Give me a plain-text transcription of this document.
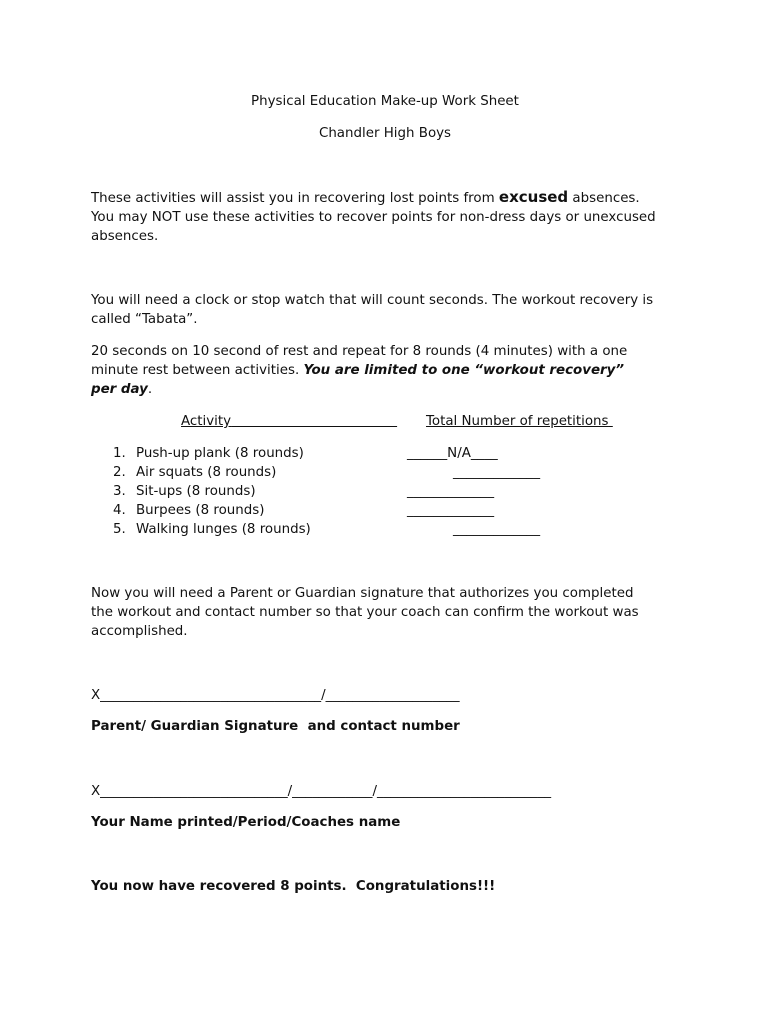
Physical Education Make-up Work Sheet
Chandler High Boys
These activities will assist you in recovering lost points from excused absences.
You may NOT use these activities to recover points for non-dress days or unexcused
absences.
You will need a clock or stop watch that will count seconds. The workout recovery is
called “Tabata”.
20 seconds on 10 second of rest and repeat for 8 rounds (4 minutes) with a one
minute rest between activities. You are limited to one “workout recovery”
per day.
Activity	Total Number of repetitions
1. Push-up plank (8 rounds)	______N/A____
2. Air squats (8 rounds)	_____________
3. Sit-ups (8 rounds)	_____________
4. Burpees (8 rounds)	_____________
5. Walking lunges (8 rounds)	_____________
Now you will need a Parent or Guardian signature that authorizes you completed
the workout and contact number so that your coach can confirm the workout was
accomplished.
X_________________________________/____________________
Parent/ Guardian Signature  and contact number
X____________________________/____________/__________________________
Your Name printed/Period/Coaches name
You now have recovered 8 points.  Congratulations!!!
